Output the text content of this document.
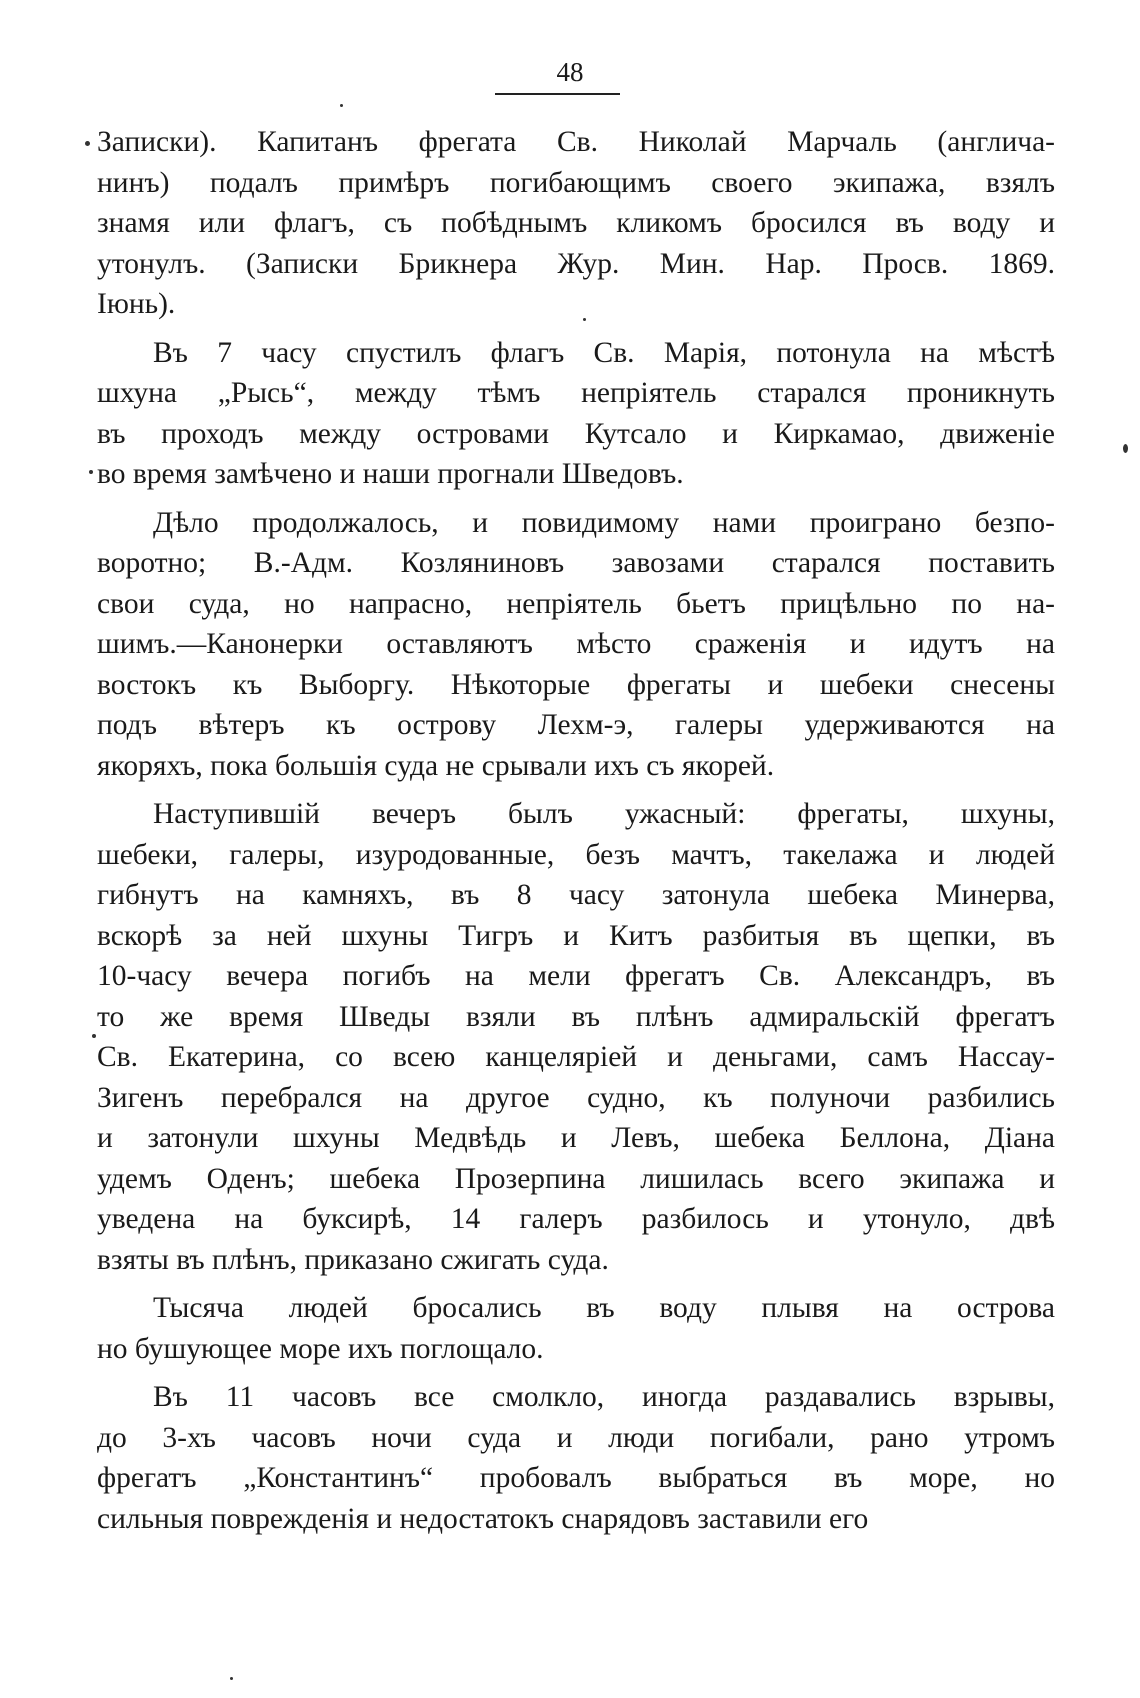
48
Записки). Капитанъ фрегата Св. Николай Марчаль (англича-
нинъ) подалъ примѣръ погибающимъ своего экипажа, взялъ
знамя или флагъ, съ побѣднымъ кликомъ бросился въ воду и
утонулъ. (Записки Брикнера Жур. Мин. Нар. Просв. 1869.
Іюнь).
Въ 7 часу спустилъ флагъ Св. Марія, потонула на мѣстѣ
шхуна „Рысь“, между тѣмъ непріятель старался проникнуть
въ проходъ между островами Кутсало и Киркамао, движеніе
во время замѣчено и наши прогнали Шведовъ.
Дѣло продолжалось, и повидимому нами проиграно безпо-
воротно; В.-Адм. Козляниновъ завозами старался поставить
свои суда, но напрасно, непріятель бьетъ прицѣльно по на-
шимъ.—Канонерки оставляютъ мѣсто сраженія и идутъ на
востокъ къ Выборгу. Нѣкоторые фрегаты и шебеки снесены
подъ вѣтеръ къ острову Лехм-э, галеры удерживаются на
якоряхъ, пока большія суда не срывали ихъ съ якорей.
Наступившій вечеръ былъ ужасный: фрегаты, шхуны,
шебеки, галеры, изуродованные, безъ мачтъ, такелажа и людей
гибнутъ на камняхъ, въ 8 часу затонула шебека Минерва,
вскорѣ за ней шхуны Тигръ и Китъ разбитыя въ щепки, въ
10-часу вечера погибъ на мели фрегатъ Св. Александръ, въ
то же время Шведы взяли въ плѣнъ адмиральскій фрегатъ
Св. Екатерина, со всею канцеляріей и деньгами, самъ Нассау-
Зигенъ перебрался на другое судно, къ полуночи разбились
и затонули шхуны Медвѣдь и Левъ, шебека Беллона, Діана
удемъ Оденъ; шебека Прозерпина лишилась всего экипажа и
уведена на буксирѣ, 14 галеръ разбилось и утонуло, двѣ
взяты въ плѣнъ, приказано сжигать суда.
Тысяча людей бросались въ воду плывя на острова
но бушующее море ихъ поглощало.
Въ 11 часовъ все смолкло, иногда раздавались взрывы,
до 3-хъ часовъ ночи суда и люди погибали, рано утромъ
фрегатъ „Константинъ“ пробовалъ выбраться въ море, но
сильныя поврежденія и недостатокъ снарядовъ заставили его
